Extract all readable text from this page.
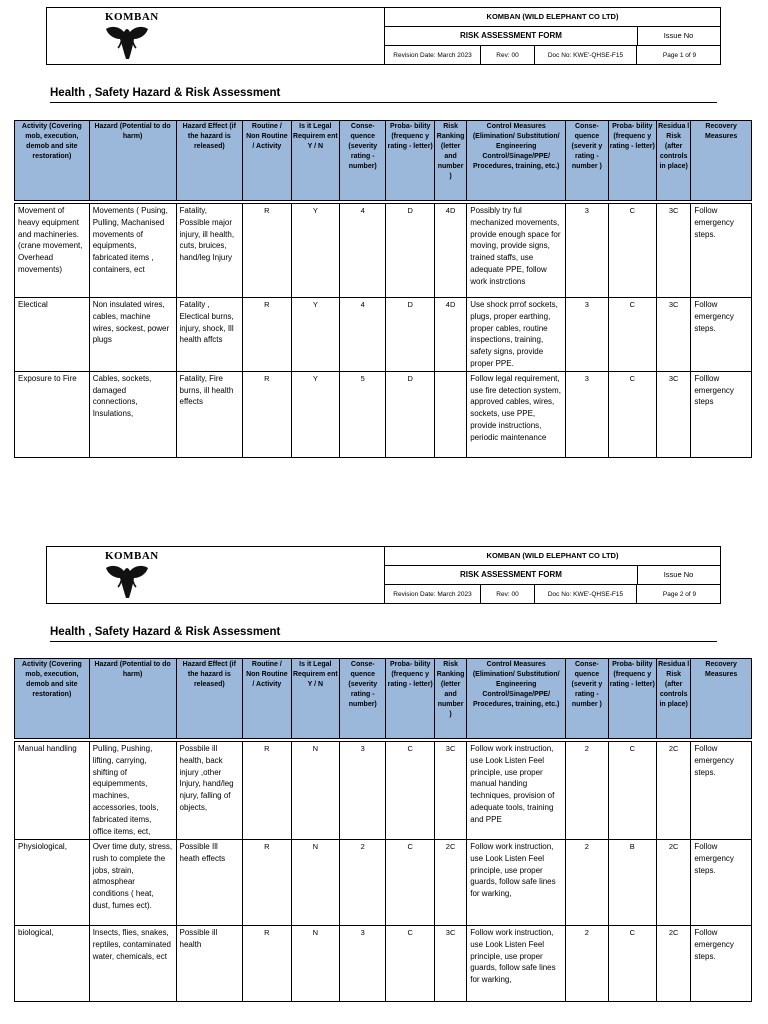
KOMBAN	KOMBAN (WILD ELEPHANT CO LTD)
RISK ASSESSMENT FORM	Issue No
Revision Date: March 2023	Rev: 00	Doc No: KWE'-QHSE-F15	Page 1 of 9
Health , Safety Hazard & Risk Assessment
Activity (Covering mob, execution, demob and site restoration)	Hazard (Potential to do harm)	Hazard Effect (if the hazard is released)	Routine / Non Routine / Activity	Is it Legal Requirem ent Y / N	Conse- quence (severity rating - number)	Proba- bility (frequenc y rating - letter)	Risk Ranking (letter and number )	Control Measures (Elimination/ Substitution/ Engineering Control/Sinage/PPE/ Procedures, training, etc.)	Conse- quence (severit y rating - number )	Proba- bility (frequenc y rating - letter)	Residua l Risk (after controls in place)	Recovery Measures

Movement of heavy equipment and machineries. (crane movement, Overhead movements)	Movements ( Pusing, Pulling, Machanised movements of equipments, fabricated items , containers, ect	Fatality, Possible major injury, ill health, cuts, bruices, hand/leg Injury	R	Y	4	D	4D	Possibly try ful mechanized movements, provide enough space for moving, provide signs, trained staffs, use adequate PPE, follow work instrctions	3	C	3C	Follow emergency steps.
Electical	Non insulated wires, cables, machine wires, sockest, power plugs	Fatality , Electical burns, injury, shock, Ill health affcts	R	Y	4	D	4D	Use shock prrof sockets, plugs, proper earthing, proper cables, routine inspections, training, safety signs, provide proper PPE.	3	C	3C	Follow emergency steps.
Exposure to Fire	Cables, sockets, damaged connections, Insulations,	Fatality, Fire burns, ill health effects	R	Y	5	D		Follow legal requirement, use fire detection system, approved cables, wires, sockets, use PPE, provide instructions, periodic maintenance	3	C	3C	Folllow emergency steps
KOMBAN	KOMBAN (WILD ELEPHANT CO LTD)
RISK ASSESSMENT FORM	Issue No
Revision Date: March 2023	Rev: 00	Doc No: KWE'-QHSE-F15	Page 2 of 9
Health , Safety Hazard & Risk Assessment
Activity (Covering mob, execution, demob and site restoration)	Hazard (Potential to do harm)	Hazard Effect (if the hazard is released)	Routine / Non Routine / Activity	Is it Legal Requirem ent Y / N	Conse- quence (severity rating - number)	Proba- bility (frequenc y rating - letter)	Risk Ranking (letter and number )	Control Measures (Elimination/ Substitution/ Engineering Control/Sinage/PPE/ Procedures, training, etc.)	Conse- quence (severit y rating - number )	Proba- bility (frequenc y rating - letter)	Residua l Risk (after controls in place)	Recovery Measures

Manual handling	Pulling, Pushing, lifting, carrying, shifting of equipemments, machines, accessories, tools, fabricated items, office items, ect,	Possbile ill health, back injury ,other Injury, hand/leg njury, falling of objects,	R	N	3	C	3C	Follow work instruction, use Look Listen Feel principle, use proper manual handing techniques, provision of adequate tools, training and PPE	2	C	2C	Follow emergency steps.
Physiological,	Over time duty, stress, rush to complete the jobs, strain, atmosphear conditions ( heat, dust, fumes ect).	Possible Ill heath effects	R	N	2	C	2C	Follow work instruction, use Look Listen Feel principle, use proper guards, follow safe lines for warking,	2	B	2C	Follow emergency steps.
biological,	Insects, flies, snakes, reptiles, contaminated water, chemicals, ect	Possible ill health	R	N	3	C	3C	Follow work instruction, use Look Listen Feel principle, use proper guards, follow safe lines for warking,	2	C	2C	Follow emergency steps.
